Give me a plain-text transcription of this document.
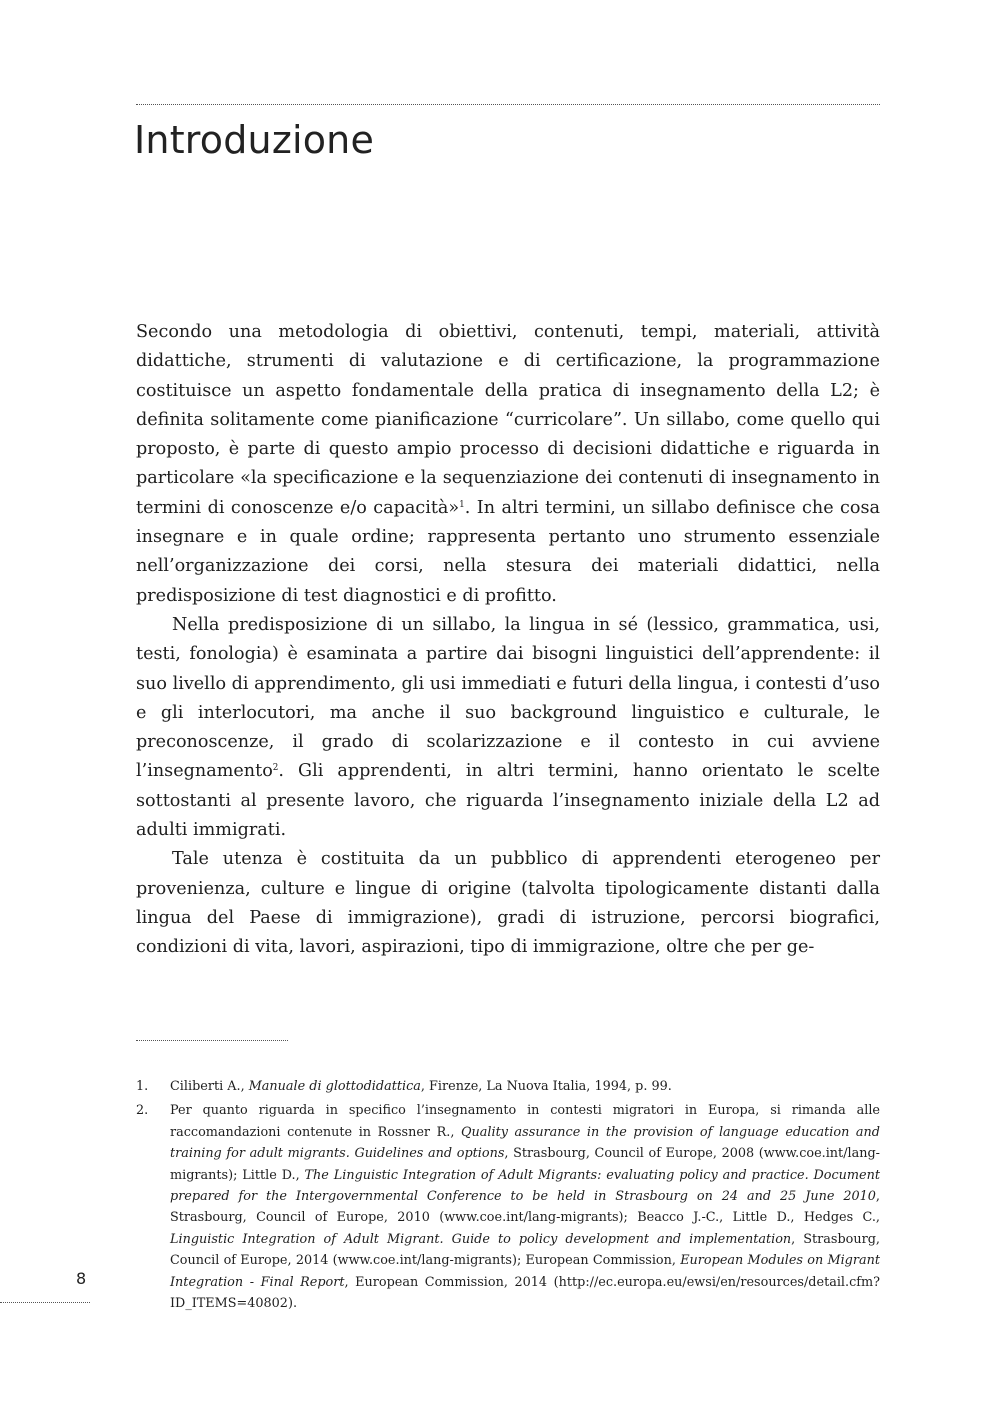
Introduzione

Secondo una metodologia di obiettivi, contenuti, tempi, materiali, attività didattiche, strumenti di valutazione e di certificazione, la programmazione costituisce un aspetto fondamentale della pratica di insegnamento della L2; è definita solitamente come pianificazione “curricolare”. Un sillabo, come quello qui proposto, è parte di questo ampio processo di decisioni didattiche e riguarda in particolare «la specificazione e la sequenziazione dei contenuti di insegnamento in termini di conoscenze e/o capacità»$^1$. In altri termini, un sillabo definisce che cosa insegnare e in quale ordine; rappresenta pertanto uno strumento essenziale nell’organizzazione dei corsi, nella stesura dei materiali didattici, nella predisposizione di test diagnostici e di profitto.

Nella predisposizione di un sillabo, la lingua in sé (lessico, grammatica, usi, testi, fonologia) è esaminata a partire dai bisogni linguistici dell’apprendente: il suo livello di apprendimento, gli usi immediati e futuri della lingua, i contesti d’uso e gli interlocutori, ma anche il suo background linguistico e culturale, le preconoscenze, il grado di scolarizzazione e il contesto in cui avviene l’insegnamento$^2$. Gli apprendenti, in altri termini, hanno orientato le scelte sottostanti al presente lavoro, che riguarda l’insegnamento iniziale della L2 ad adulti immigrati.

Tale utenza è costituita da un pubblico di apprendenti eterogeneo per provenienza, culture e lingue di origine (talvolta tipologicamente distanti dalla lingua del Paese di immigrazione), gradi di istruzione, percorsi biografici, condizioni di vita, lavori, aspirazioni, tipo di immigrazione, oltre che per ge-

1.	Ciliberti A., Manuale di glottodidattica, Firenze, La Nuova Italia, 1994, p. 99.
2.	Per quanto riguarda in specifico l’insegnamento in contesti migratori in Europa, si rimanda alle raccomandazioni contenute in Rossner R., Quality assurance in the provision of language education and training for adult migrants. Guidelines and options, Strasbourg, Council of Europe, 2008 (www.coe.int/lang-migrants); Little D., The Linguistic Integration of Adult Migrants: evaluating policy and practice. Document prepared for the Intergovernmental Conference to be held in Strasbourg on 24 and 25 June 2010, Strasbourg, Council of Europe, 2010 (www.coe.int/lang-migrants); Beacco J.-C., Little D., Hedges C., Linguistic Integration of Adult Migrant. Guide to policy development and implementation, Strasbourg, Council of Europe, 2014 (www.coe.int/lang-migrants); European Commission, European Modules on Migrant Integration - Final Report, European Commission, 2014 (http://ec.europa.eu/ewsi/en/resources/detail.cfm?ID_ITEMS=40802).
8
